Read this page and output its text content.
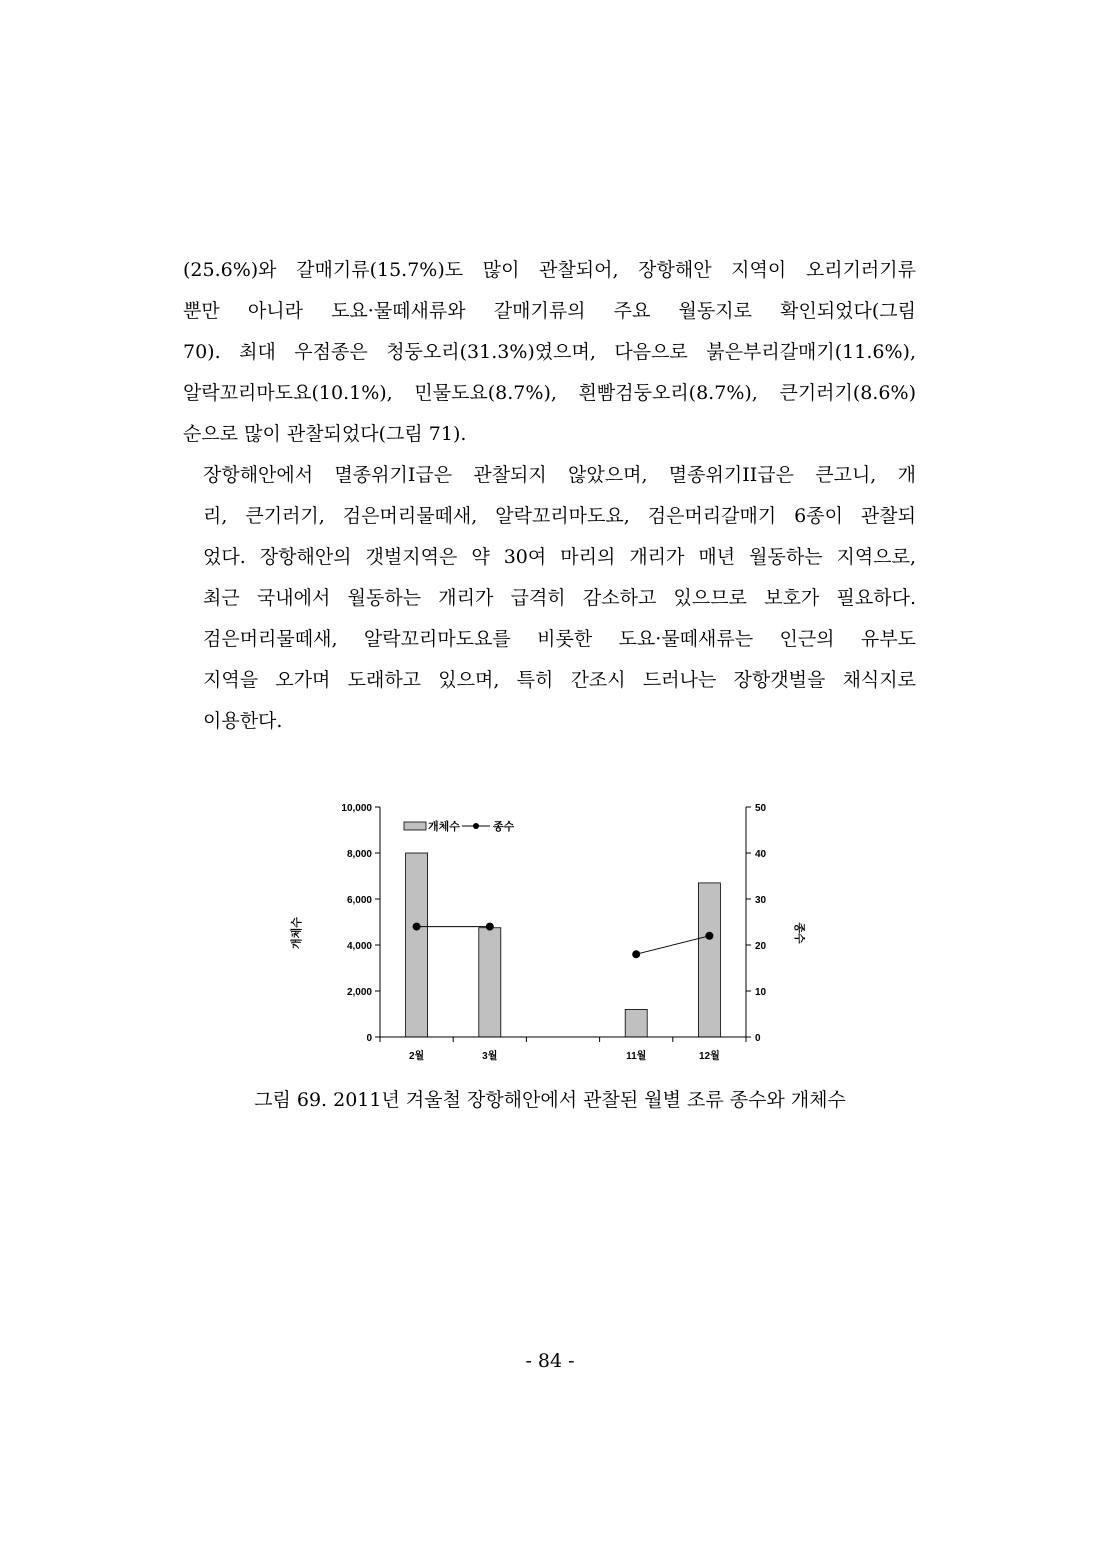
(25.6%)와 갈매기류(15.7%)도 많이 관찰되어, 장항해안 지역이 오리기러기류
뿐만 아니라 도요·물떼새류와 갈매기류의 주요 월동지로 확인되었다(그림
70). 최대 우점종은 청둥오리(31.3%)였으며, 다음으로 붉은부리갈매기(11.6%),
알락꼬리마도요(10.1%), 민물도요(8.7%), 흰빰검둥오리(8.7%), 큰기러기(8.6%)
순으로 많이 관찰되었다(그림 71).
장항해안에서 멸종위기I급은 관찰되지 않았으며, 멸종위기II급은 큰고니, 개
리, 큰기러기, 검은머리물떼새, 알락꼬리마도요, 검은머리갈매기 6종이 관찰되
었다. 장항해안의 갯벌지역은 약 30여 마리의 개리가 매년 월동하는 지역으로,
최근 국내에서 월동하는 개리가 급격히 감소하고 있으므로 보호가 필요하다.
검은머리물떼새, 알락꼬리마도요를 비롯한 도요·물떼새류는 인근의 유부도
지역을 오가며 도래하고 있으며, 특히 간조시 드러나는 장항갯벌을 채식지로
이용한다.
0
2,000
4,000
6,000
8,000
10,000
0
10
20
30
40
50
2월	3월	11월	12월
개체수	종수
개체수	종수

그림 69. 2011년 겨울철 장항해안에서 관찰된 월별 조류 종수와 개체수

- 84 -
